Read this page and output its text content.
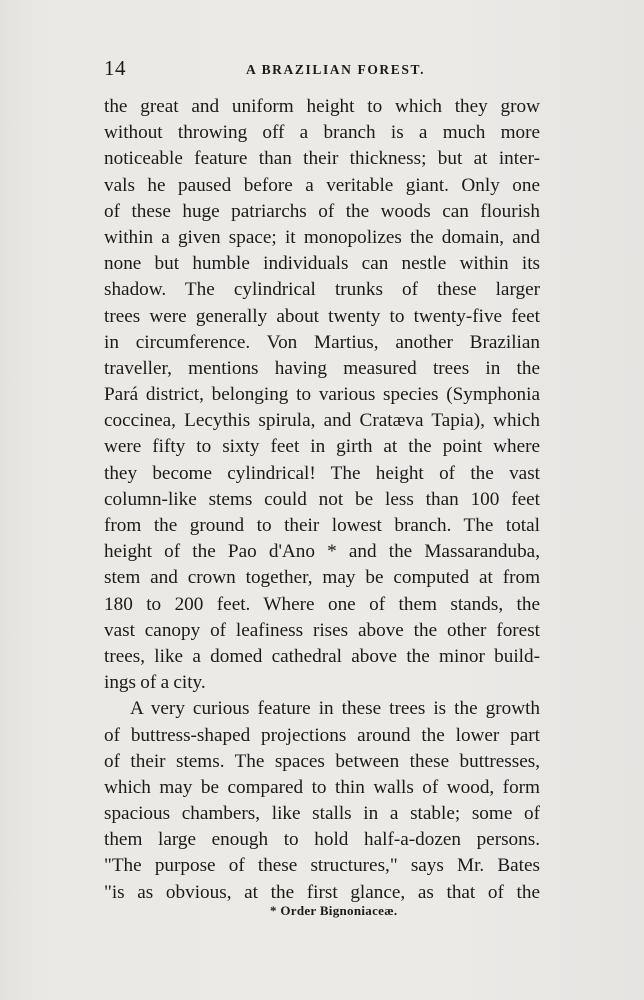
14	A BRAZILIAN FOREST.
the great and uniform height to which they grow
without throwing off a branch is a much more
noticeable feature than their thickness; but at inter-
vals he paused before a veritable giant. Only one
of these huge patriarchs of the woods can flourish
within a given space; it monopolizes the domain, and
none but humble individuals can nestle within its
shadow. The cylindrical trunks of these larger
trees were generally about twenty to twenty-five feet
in circumference. Von Martius, another Brazilian
traveller, mentions having measured trees in the
Pará district, belonging to various species (Symphonia
coccinea, Lecythis spirula, and Cratæva Tapia), which
were fifty to sixty feet in girth at the point where
they become cylindrical! The height of the vast
column-like stems could not be less than 100 feet
from the ground to their lowest branch. The total
height of the Pao d'Ano * and the Massaranduba,
stem and crown together, may be computed at from
180 to 200 feet. Where one of them stands, the
vast canopy of leafiness rises above the other forest
trees, like a domed cathedral above the minor build-
ings of a city.
A very curious feature in these trees is the growth
of buttress-shaped projections around the lower part
of their stems. The spaces between these buttresses,
which may be compared to thin walls of wood, form
spacious chambers, like stalls in a stable; some of
them large enough to hold half-a-dozen persons.
"The purpose of these structures," says Mr. Bates
"is as obvious, at the first glance, as that of the
* Order Bignoniaceæ.
